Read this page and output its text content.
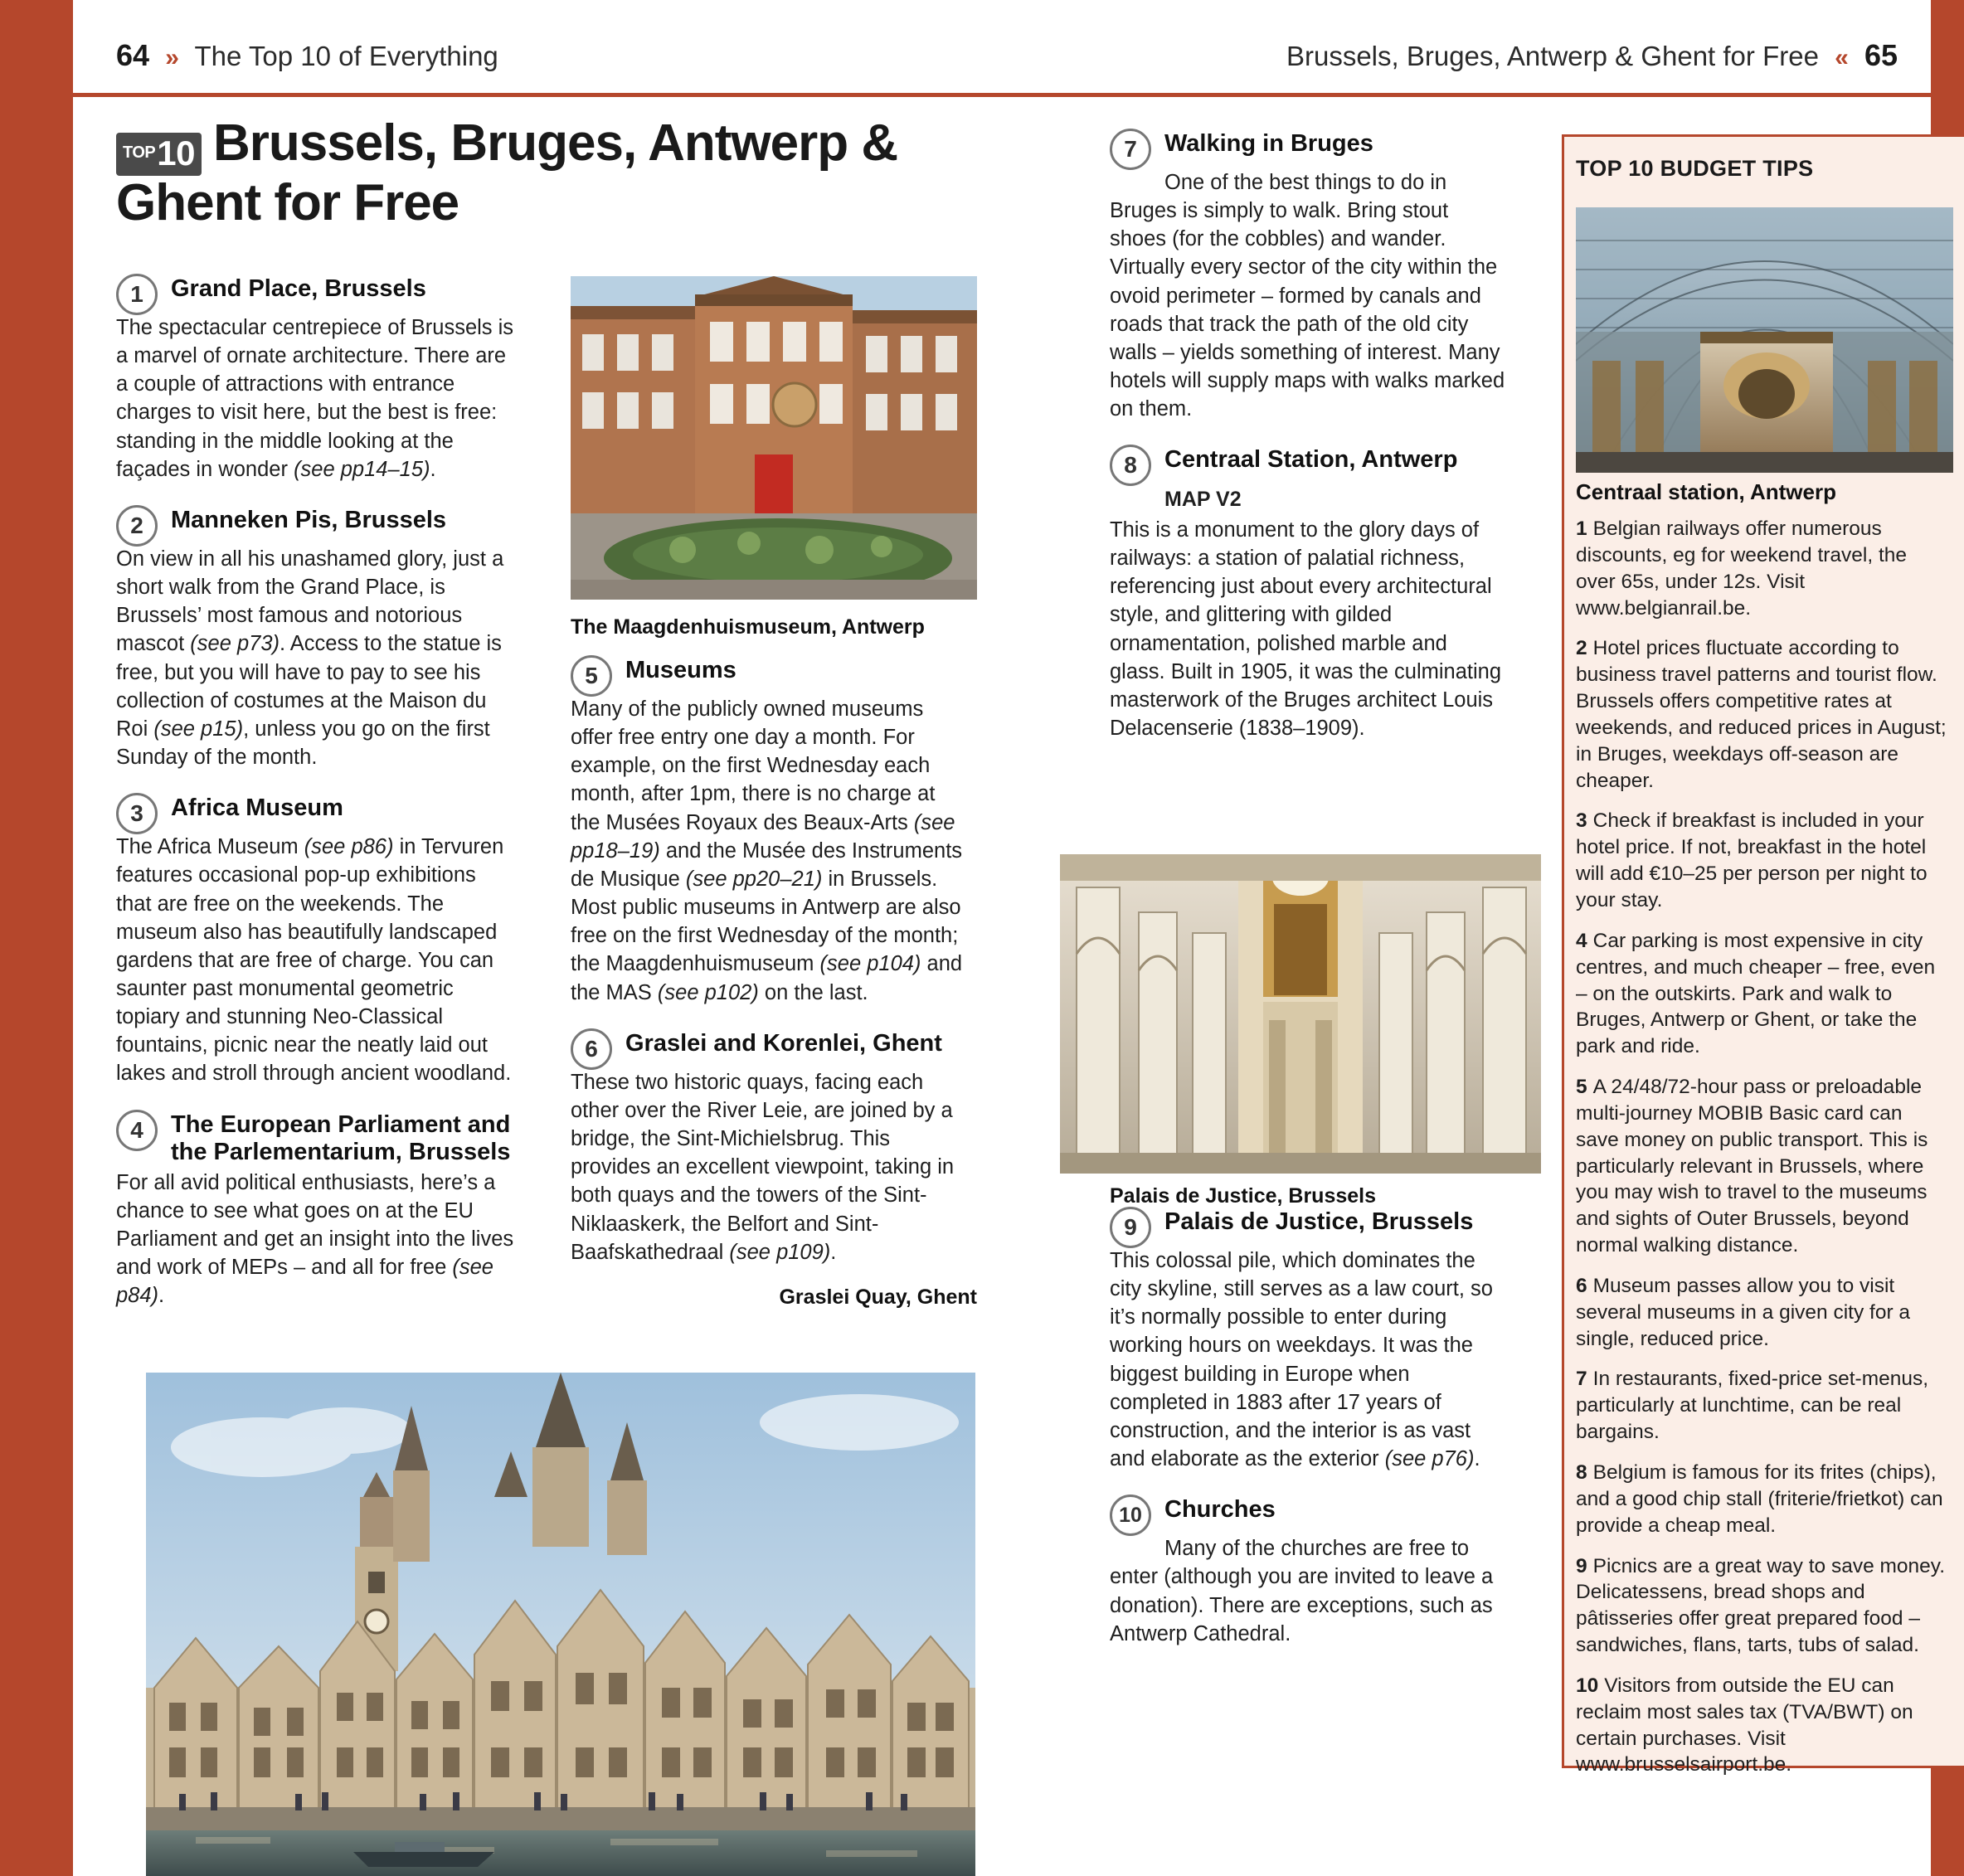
64 » The Top 10 of Everything	Brussels, Bruges, Antwerp & Ghent for Free « 65
TOP10 Brussels, Bruges, Antwerp & Ghent for Free
1	Grand Place, Brussels
The spectacular centrepiece of Brussels is a marvel of ornate architecture. There are a couple of attractions with entrance charges to visit here, but the best is free: standing in the middle looking at the façades in wonder (see pp14–15).
2	Manneken Pis, Brussels
On view in all his unashamed glory, just a short walk from the Grand Place, is Brussels’ most famous and notorious mascot (see p73). Access to the statue is free, but you will have to pay to see his collection of costumes at the Maison du Roi (see p15), unless you go on the first Sunday of the month.
3	Africa Museum
The Africa Museum (see p86) in Tervuren features occasional pop-up exhibitions that are free on the weekends. The museum also has beautifully landscaped gardens that are free of charge. You can saunter past monumental geometric topiary and stunning Neo-Classical fountains, picnic near the neatly laid out lakes and stroll through ancient woodland.
4	The European Parliament and the Parlementarium, Brussels
For all avid political enthusiasts, here’s a chance to see what goes on at the EU Parliament and get an insight into the lives and work of MEPs – and all for free (see p84).
5	Museums
Many of the publicly owned museums offer free entry one day a month. For example, on the first Wednesday each month, after 1pm, there is no charge at the Musées Royaux des Beaux-Arts (see pp18–19) and the Musée des Instruments de Musique (see pp20–21) in Brussels. Most public museums in Antwerp are also free on the first Wednesday of the month; the Maagdenhuismuseum (see p104) and the MAS (see p102) on the last.
6	Graslei and Korenlei, Ghent
These two historic quays, facing each other over the River Leie, are joined by a bridge, the Sint-Michielsbrug. This provides an excellent viewpoint, taking in both quays and the towers of the Sint-Niklaaskerk, the Belfort and Sint-Baafskathedraal (see p109).
7	Walking in Bruges
One of the best things to do in Bruges is simply to walk. Bring stout shoes (for the cobbles) and wander. Virtually every sector of the city within the ovoid perimeter – formed by canals and roads that track the path of the old city walls – yields something of interest. Many hotels will supply maps with walks marked on them.
8	Centraal Station, Antwerp
MAP V2
This is a monument to the glory days of railways: a station of palatial richness, referencing just about every architectural style, and glittering with gilded ornamentation, polished marble and glass. Built in 1905, it was the culminating masterwork of the Bruges architect Louis Delacenserie (1838–1909).
9	Palais de Justice, Brussels
This colossal pile, which dominates the city skyline, still serves as a law court, so it’s normally possible to enter during working hours on weekdays. It was the biggest building in Europe when completed in 1883 after 17 years of construction, and the interior is as vast and elaborate as the exterior (see p76).
10 Churches
Many of the churches are free to enter (although you are invited to leave a donation). There are exceptions, such as Antwerp Cathedral.
TOP 10 BUDGET TIPS
Centraal station, Antwerp
1 Belgian railways offer numerous discounts, eg for weekend travel, the over 65s, under 12s. Visit www.belgianrail.be.
2 Hotel prices fluctuate according to business travel patterns and tourist flow. Brussels offers competitive rates at weekends, and reduced prices in August; in Bruges, weekdays off-season are cheaper.
3 Check if breakfast is included in your hotel price. If not, breakfast in the hotel will add €10–25 per person per night to your stay.
4 Car parking is most expensive in city centres, and much cheaper – free, even – on the outskirts. Park and walk to Bruges, Antwerp or Ghent, or take the park and ride.
5 A 24/48/72-hour pass or preloadable multi-journey MOBIB Basic card can save money on public transport. This is particularly relevant in Brussels, where you may wish to travel to the museums and sights of Outer Brussels, beyond normal walking distance.
6 Museum passes allow you to visit several museums in a given city for a single, reduced price.
7 In restaurants, fixed-price set-menus, particularly at lunchtime, can be real bargains.
8 Belgium is famous for its frites (chips), and a good chip stall (friterie/frietkot) can provide a cheap meal.
9 Picnics are a great way to save money. Delicatessens, bread shops and pâtisseries offer great prepared food – sandwiches, flans, tarts, tubs of salad.
10 Visitors from outside the EU can reclaim most sales tax (TVA/BWT) on certain purchases. Visit www.brusselsairport.be.
The Maagdenhuismuseum, Antwerp
Palais de Justice, Brussels
Graslei Quay, Ghent
